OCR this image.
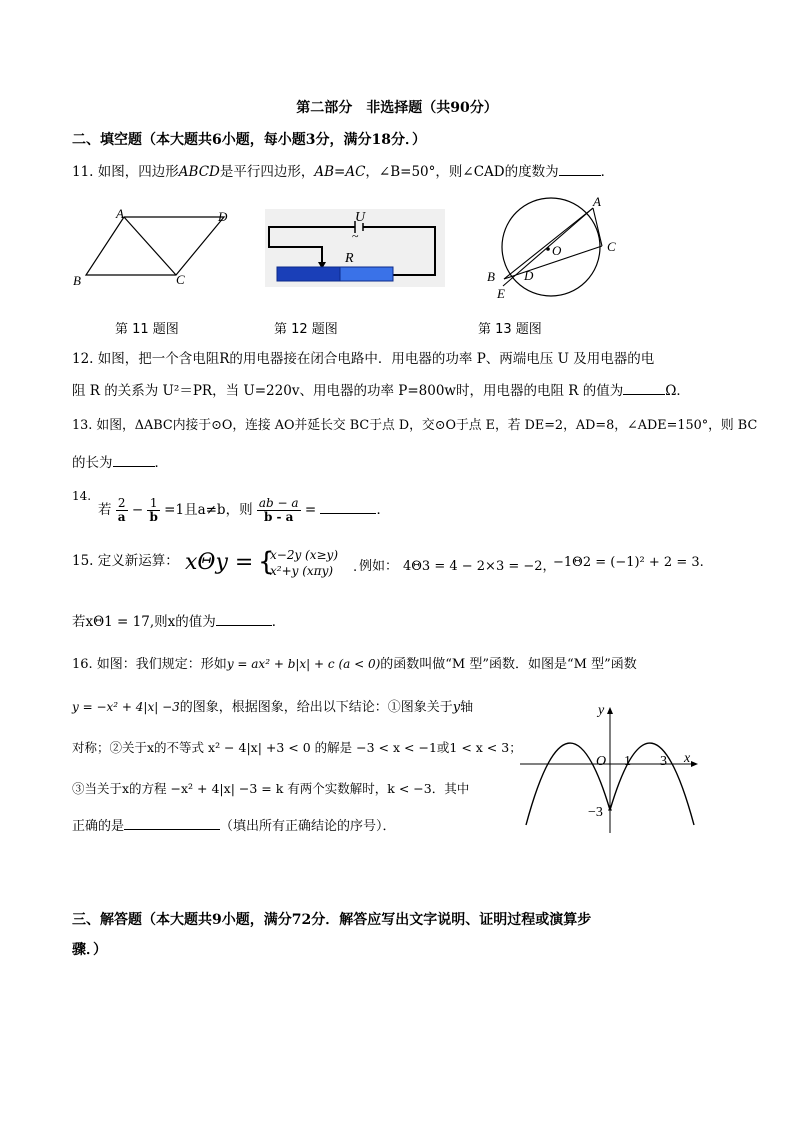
第二部分　非选择题（共90分）
二、填空题（本大题共6小题，每小题3分，满分18分．）
11. 如图，四边形ABCD是平行四边形，AB=AC，∠B=50°，则∠CAD的度数为	．
A	D
B	C
U
~
R
A
C
O
B D
E
第 11 题图	第 12 题图	第 13 题图
12. 如图，把一个含电阻R的用电器接在闭合电路中．用电器的功率 P、两端电压 U 及用电器的电
阻 R 的关系为 U²＝PR，当 U=220v、用电器的功率 P=800w时，用电器的电阻 R 的值为	Ω．
13. 如图，ΔABC内接于⊙O，连接 AO并延长交 BC于点 D，交⊙O于点 E，若 DE=2，AD=8，∠ADE=150°，则 BC
的长为	．
14.
若 $\frac{2}{a} - \frac{1}{b} =1$且a≠b，则 $\frac{ab - a}{b - a}$ =	．
15. 定义新运算： xΘy = {
x−2y (x≥y)
x²+y (xπy)	. 例如： 4Θ3 = 4 − 2×3 = −2，
−1Θ2 = (−1)² + 2 = 3.
若xΘ1 = 17,则x的值为	．
16. 如图：我们规定：形如y = ax² + b|x| + c (a < 0)的函数叫做“M 型”函数．如图是“M 型”函数
y = −x² + 4|x| −3的图象，根据图象，给出以下结论：①图象关于y轴
对称；②关于x的不等式 x² − 4|x| +3 < 0 的解是 −3 < x < −1或1 < x < 3；
③当关于x的方程 −x² + 4|x| −3 = k 有两个实数解时，k < −3．其中
正确的是	（填出所有正确结论的序号）．
y
x
O 1 3
−3
三、解答题（本大题共9小题，满分72分．解答应写出文字说明、证明过程或演算步
骤．）
